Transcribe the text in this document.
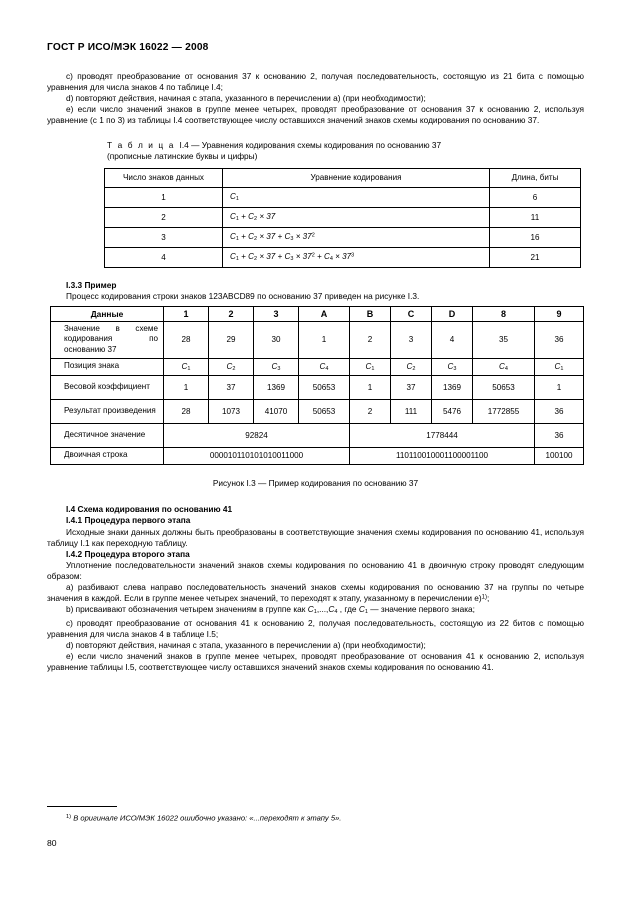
ГОСТ Р ИСО/МЭК 16022 — 2008

c) проводят преобразование от основания 37 к основанию 2, получая последовательность, состоящую из 21 бита с помощью уравнения для числа знаков 4 по таблице I.4;

d) повторяют действия, начиная с этапа, указанного в перечислении a) (при необходимости);

e) если число значений знаков в группе менее четырех, проводят преобразование от основания 37 к основанию 2, используя уравнение (с 1 по 3) из таблицы I.4 соответствующее числу оставшихся значений знаков схемы кодирования по основанию 37.

Т а б л и ц а I.4 — Уравнения кодирования схемы кодирования по основанию 37
(прописные латинские буквы и цифры)

Число знаков данных	Уравнение кодирования	Длина, биты
1	$C_1$	6
2	$C_1 + C_2 \times 37$	11
3	$C_1 + C_2 \times 37 + C_3 \times 37^2$	16
4	$C_1 + C_2 \times 37 + C_3 \times 37^2 + C_4 \times 37^3$	21

I.3.3 Пример

Процесс кодирования строки знаков 123ABCD89 по основанию 37 приведен на рисунке I.3.

Данные	1	2	3	A	B	C	D	8	9
Значение в схеме кодирования по основанию 37	28	29	30	1	2	3	4	35	36
Позиция знака	$C_1$	$C_2$	$C_3$	$C_4$	$C_1$	$C_2$	$C_3$	$C_4$	$C_1$
Весовой коэффициент	1	37	1369	50653	1	37	1369	50653	1
Результат произведения	28	1073	41070	50653	2	111	5476	1772855	36
Десятичное значение	92824				1778444				36
Двоичная строка	000010110101010011000				110110010001100001100				100100

Рисунок I.3 — Пример кодирования по основанию 37

I.4 Схема кодирования по основанию 41

I.4.1 Процедура первого этапа

Исходные знаки данных должны быть преобразованы в соответствующие значения схемы кодирования по основанию 41, используя таблицу I.1 как переходную таблицу.

I.4.2 Процедура второго этапа

Уплотнение последовательности значений знаков схемы кодирования по основанию 41 в двоичную строку проводят следующим образом:

a) разбивают слева направо последовательность значений знаков схемы кодирования по основанию 37 на группы по четыре значения в каждой. Если в группе менее четырех значений, то переходят к этапу, указанному в перечислении e)$^{1)}$;

b) присваивают обозначения четырем значениям в группе как $C_1,...,C_4$ , где $C_1$ — значение первого знака;

c) проводят преобразование от основания 41 к основанию 2, получая последовательность, состоящую из 22 битов с помощью уравнения для числа знаков 4 в таблице I.5;

d) повторяют действия, начиная с этапа, указанного в перечислении a) (при необходимости);

e) если число значений знаков в группе менее четырех, проводят преобразование от основания 41 к основанию 2, используя уравнение таблицы I.5, соответствующее числу оставшихся значений знаков схемы кодирования по основанию 41.

$^{1)}$ В оригинале ИСО/МЭК 16022 ошибочно указано: «...переходят к этапу 5».

80
